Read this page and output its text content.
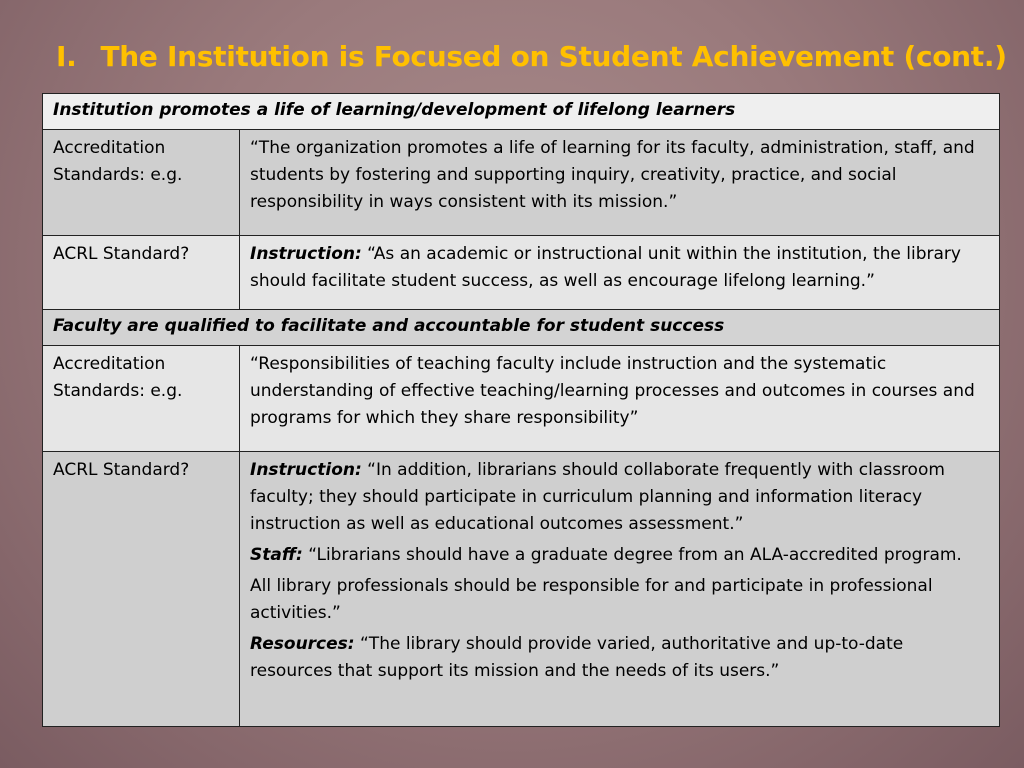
I. The Institution is Focused on Student Achievement (cont.)
Institution promotes a life of learning/development of lifelong learners	
Accreditation Standards: e.g.	“The organization promotes a life of learning for its faculty, administration, staff, and students by fostering and supporting inquiry, creativity, practice, and social responsibility in ways consistent with its mission.”
ACRL Standard?	Instruction: “As an academic or instructional unit within the institution, the library should facilitate student success, as well as encourage lifelong learning.”
Faculty are qualified to facilitate and accountable for student success	
Accreditation Standards: e.g.	“Responsibilities of teaching faculty include instruction and the systematic understanding of effective teaching/learning processes and outcomes in courses and programs for which they share responsibility”
ACRL Standard?	Instruction: “In addition, librarians should collaborate frequently with classroom faculty; they should participate in curriculum planning and information literacy instruction as well as educational outcomes assessment.”
Staff: “Librarians should have a graduate degree from an ALA-accredited program.
All library professionals should be responsible for and participate in professional activities.”
Resources: “The library should provide varied, authoritative and up-to-date resources that support its mission and the needs of its users.”
